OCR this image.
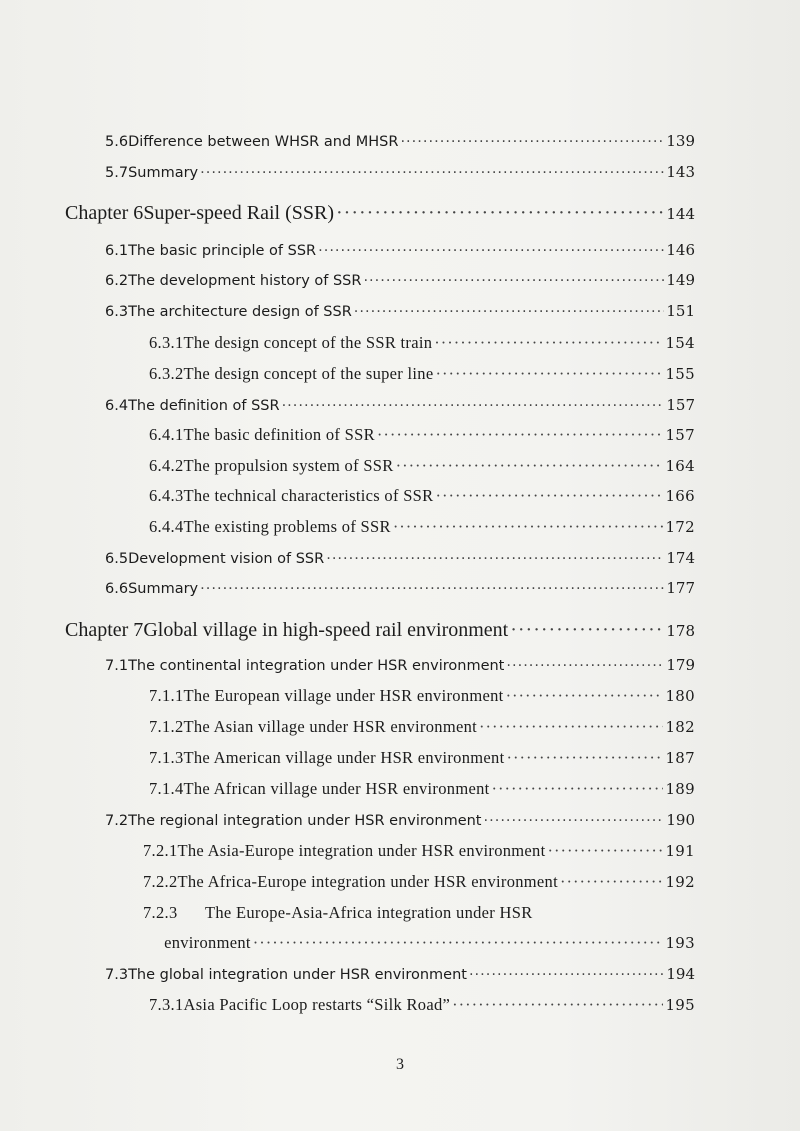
5.6 Difference between WHSR and MHSR ·····	139
5.7 Summary ·····	143
Chapter 6 Super-speed Rail (SSR) ·····	144
6.1 The basic principle of SSR ·····	146
6.2 The development history of SSR ·····	149
6.3 The architecture design of SSR ·····	151
6.3.1 The design concept of the SSR train ·····	154
6.3.2 The design concept of the super line ·····	155
6.4 The definition of SSR ·····	157
6.4.1 The basic definition of SSR ·····	157
6.4.2 The propulsion system of SSR ·····	164
6.4.3 The technical characteristics of SSR ·····	166
6.4.4 The existing problems of SSR ·····	172
6.5 Development vision of SSR ·····	174
6.6 Summary ·····	177
Chapter 7 Global village in high-speed rail environment ·····	178
7.1 The continental integration under HSR environment ·····	179
7.1.1 The European village under HSR environment ·····	180
7.1.2 The Asian village under HSR environment ·····	182
7.1.3 The American village under HSR environment ·····	187
7.1.4 The African village under HSR environment ·····	189
7.2 The regional integration under HSR environment ·····	190
7.2.1 The Asia-Europe integration under HSR environment ·····	191
7.2.2 The Africa-Europe integration under HSR environment ·····	192
7.2.3	The Europe-Asia-Africa integration under HSR
environment ·····	193
7.3 The global integration under HSR environment ·····	194
7.3.1 Asia Pacific Loop restarts “Silk Road” ·····	195
3
